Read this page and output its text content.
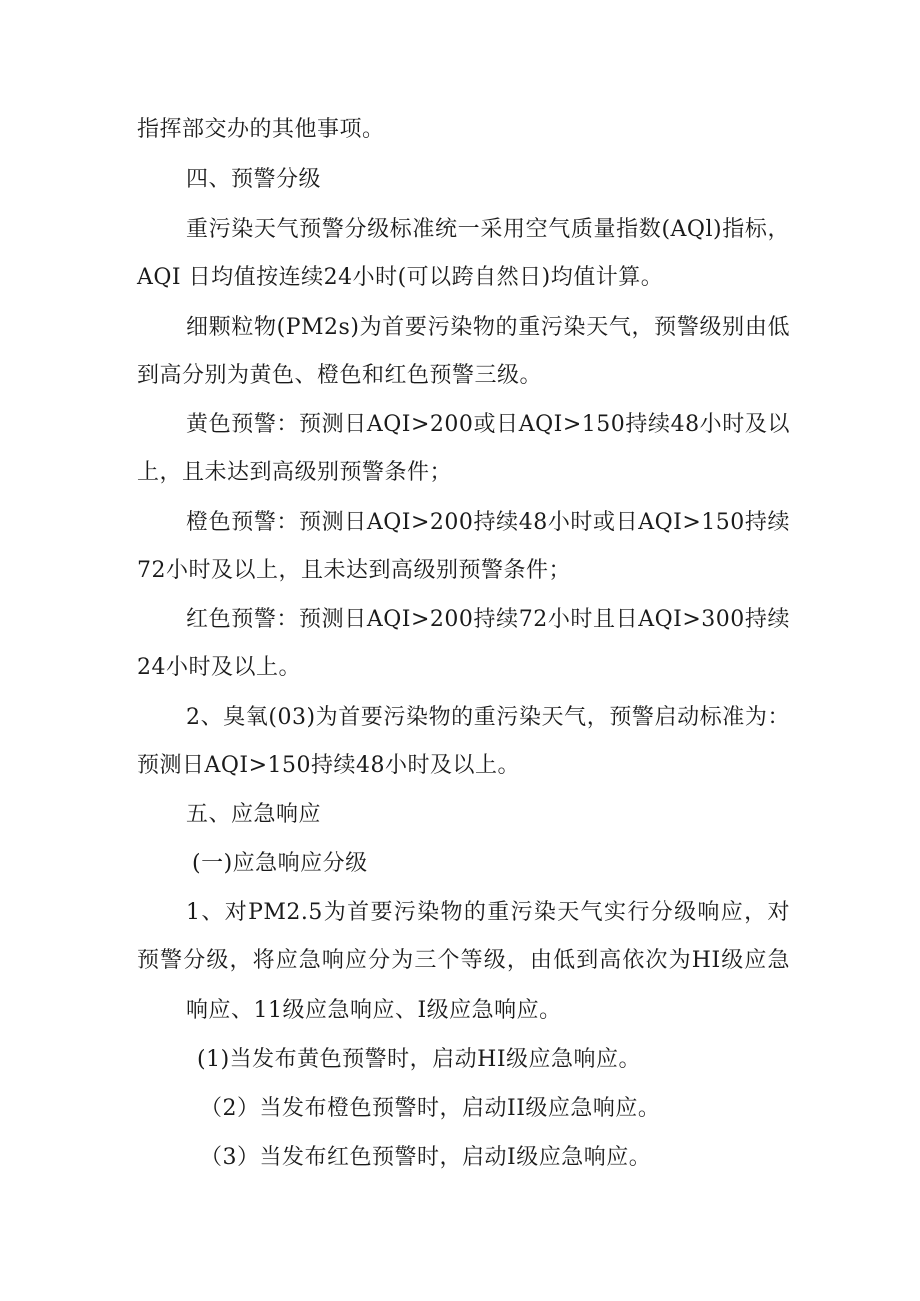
指挥部交办的其他事项。
四、预警分级
重污染天气预警分级标准统一采用空气质量指数(AQl)指标，
AQI 日均值按连续24小时(可以跨自然日)均值计算。
细颗粒物(PM2s)为首要污染物的重污染天气，预警级别由低
到高分别为黄色、橙色和红色预警三级。
黄色预警：预测日AQI>200或日AQI>150持续48小时及以
上，且未达到高级别预警条件；
橙色预警：预测日AQI>200持续48小时或日AQI>150持续
72小时及以上，且未达到高级别预警条件；
红色预警：预测日AQI>200持续72小时且日AQI>300持续
24小时及以上。
2、臭氧(03)为首要污染物的重污染天气，预警启动标准为：
预测日AQI>150持续48小时及以上。
五、应急响应
(一)应急响应分级
1、对PM2.5为首要污染物的重污染天气实行分级响应，对
预警分级，将应急响应分为三个等级，由低到高依次为HI级应急
响应、11级应急响应、I级应急响应。
(1)当发布黄色预警时，启动HI级应急响应。
（2）当发布橙色预警时，启动II级应急响应。
（3）当发布红色预警时，启动I级应急响应。
